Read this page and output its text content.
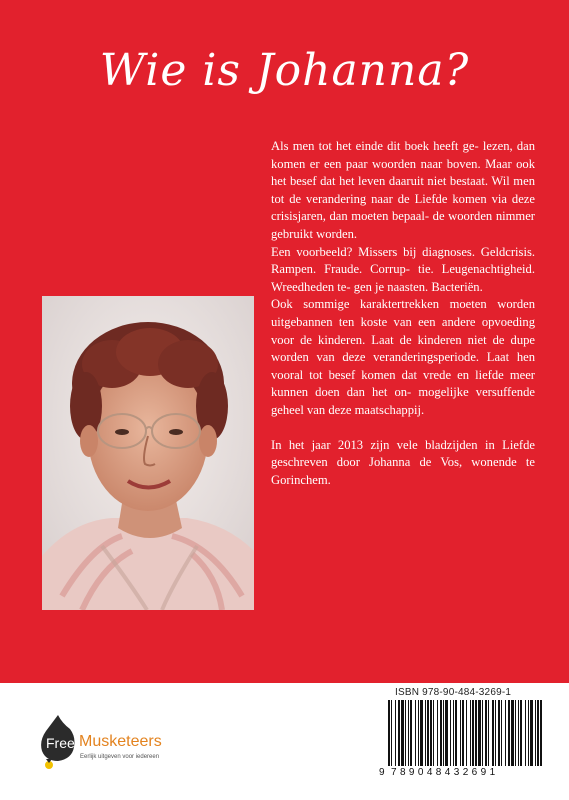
Wie is Johanna?

Als men tot het einde dit boek heeft ge- lezen, dan komen er een paar woorden naar boven. Maar ook het besef dat het leven daaruit niet bestaat. Wil men tot de verandering naar de Liefde komen via deze crisisjaren, dan moeten bepaal- de woorden nimmer gebruikt worden.
Een voorbeeld? Missers bij diagnoses. Geldcrisis. Rampen. Fraude. Corrup- tie. Leugenachtigheid. Wreedheden te- gen je naasten. Bacteriën.
Ook sommige karaktertrekken moeten worden uitgebannen ten koste van een andere opvoeding voor de kinderen. Laat de kinderen niet de dupe worden van deze veranderingsperiode. Laat hen vooral tot besef komen dat vrede en liefde meer kunnen doen dan het on- mogelijke versuffende geheel van deze maatschappij.

In het jaar 2013 zijn vele bladzijden in Liefde geschreven door Johanna de Vos, wonende te Gorinchem.

Free Musketeers
Eerlijk uitgeven voor iedereen
ISBN 978-90-484-3269-1
9 789048432691
